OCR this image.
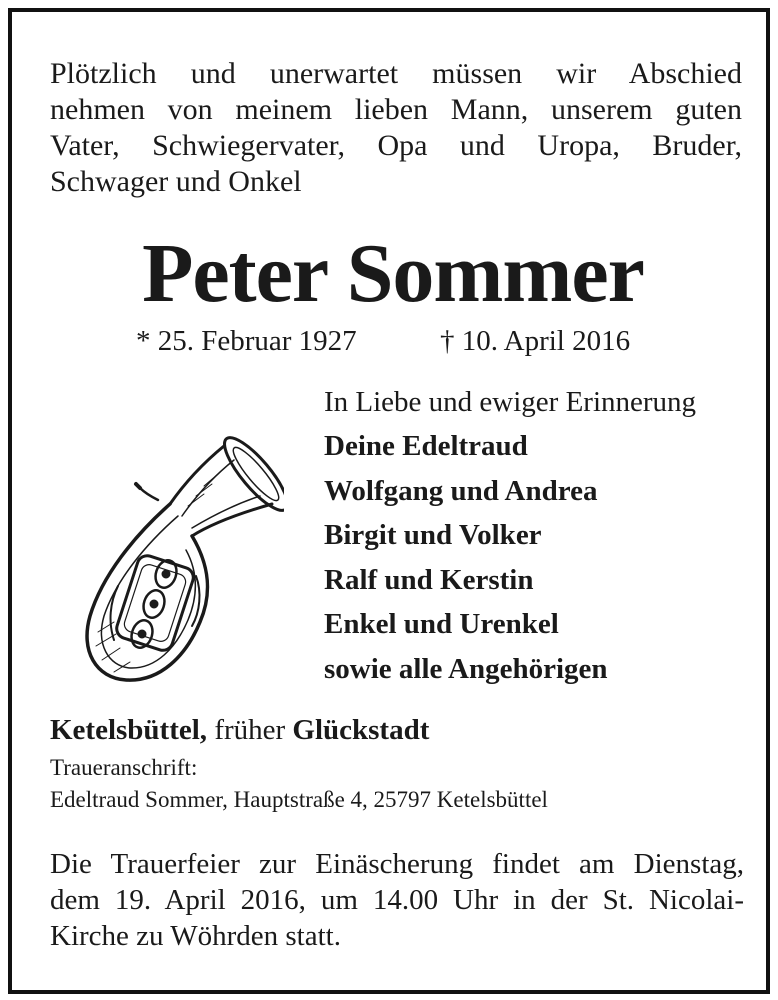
Plötzlich und unerwartet müssen wir Abschied
nehmen von meinem lieben Mann, unserem guten
Vater, Schwiegervater, Opa und Uropa, Bruder,
Schwager und Onkel

Peter Sommer
* 25. Februar 1927	† 10. April 2016
In Liebe und ewiger Erinnerung
Deine Edeltraud
Wolfgang und Andrea
Birgit und Volker
Ralf und Kerstin
Enkel und Urenkel
sowie alle Angehörigen
Ketelsbüttel, früher Glückstadt
Traueranschrift:
Edeltraud Sommer, Hauptstraße 4, 25797 Ketelsbüttel

Die Trauerfeier zur Einäscherung findet am Dienstag,
dem 19. April 2016, um 14.00 Uhr in der St. Nicolai-
Kirche zu Wöhrden statt.
